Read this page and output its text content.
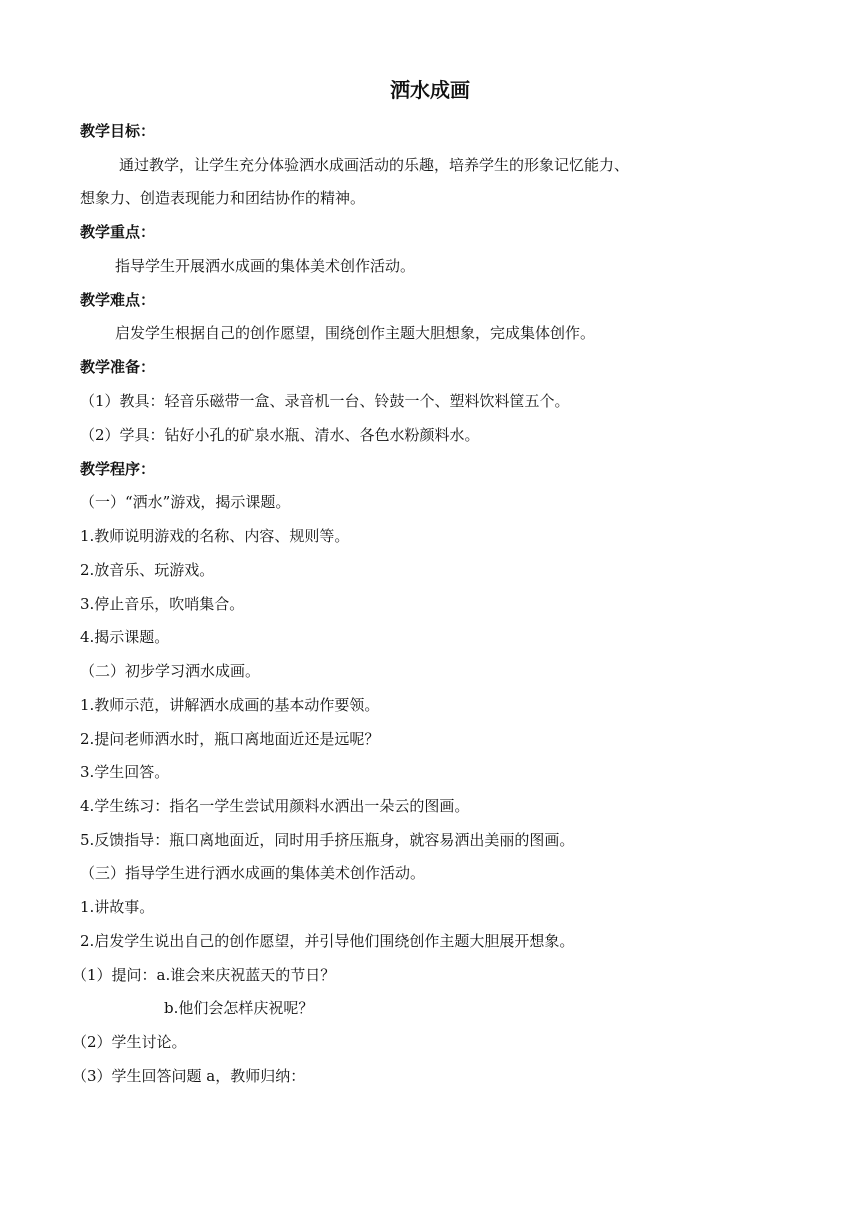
洒水成画
教学目标：
通过教学，让学生充分体验洒水成画活动的乐趣，培养学生的形象记忆能力、
想象力、创造表现能力和团结协作的精神。
教学重点：
指导学生开展洒水成画的集体美术创作活动。
教学难点：
启发学生根据自己的创作愿望，围绕创作主题大胆想象，完成集体创作。
教学准备：
（1）教具：轻音乐磁带一盒、录音机一台、铃鼓一个、塑料饮料筐五个。
（2）学具：钻好小孔的矿泉水瓶、清水、各色水粉颜料水。
教学程序：
（一）“洒水”游戏，揭示课题。
1.教师说明游戏的名称、内容、规则等。
2.放音乐、玩游戏。
3.停止音乐，吹哨集合。
4.揭示课题。
（二）初步学习洒水成画。
1.教师示范，讲解洒水成画的基本动作要领。
2.提问老师洒水时，瓶口离地面近还是远呢？
3.学生回答。
4.学生练习：指名一学生尝试用颜料水洒出一朵云的图画。
5.反馈指导：瓶口离地面近，同时用手挤压瓶身，就容易洒出美丽的图画。
（三）指导学生进行洒水成画的集体美术创作活动。
1.讲故事。
2.启发学生说出自己的创作愿望，并引导他们围绕创作主题大胆展开想象。
（1）提问：a.谁会来庆祝蓝天的节日？
b.他们会怎样庆祝呢？
（2）学生讨论。
（3）学生回答问题 a，教师归纳：
